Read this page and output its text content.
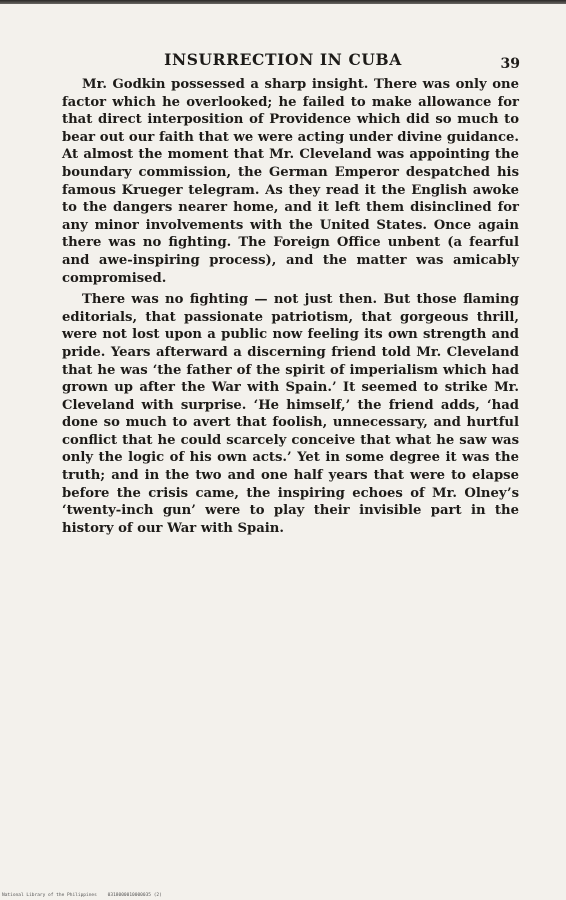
INSURRECTION IN CUBA	39

Mr. Godkin possessed a sharp insight. There was only one factor which he overlooked; he failed to make allowance for that direct interposition of Providence which did so much to bear out our faith that we were acting under divine guidance. At almost the moment that Mr. Cleveland was appointing the boundary commission, the German Emperor despatched his famous Krueger telegram. As they read it the English awoke to the dangers nearer home, and it left them disinclined for any minor involvements with the United States. Once again there was no fighting. The Foreign Office unbent (a fearful and awe-inspiring process), and the matter was amicably compromised.

There was no fighting — not just then. But those flaming editorials, that passionate patriotism, that gorgeous thrill, were not lost upon a public now feeling its own strength and pride. Years afterward a discerning friend told Mr. Cleveland that he was ‘the father of the spirit of imperialism which had grown up after the War with Spain.’ It seemed to strike Mr. Cleveland with surprise. ‘He himself,’ the friend adds, ‘had done so much to avert that foolish, unnecessary, and hurtful conflict that he could scarcely conceive that what he saw was only the logic of his own acts.’ Yet in some degree it was the truth; and in the two and one half years that were to elapse before the crisis came, the inspiring echoes of Mr. Olney’s ‘twenty-inch gun’ were to play their invisible part in the history of our War with Spain.

National Library of the Philippines    0318000010000035 (2)
